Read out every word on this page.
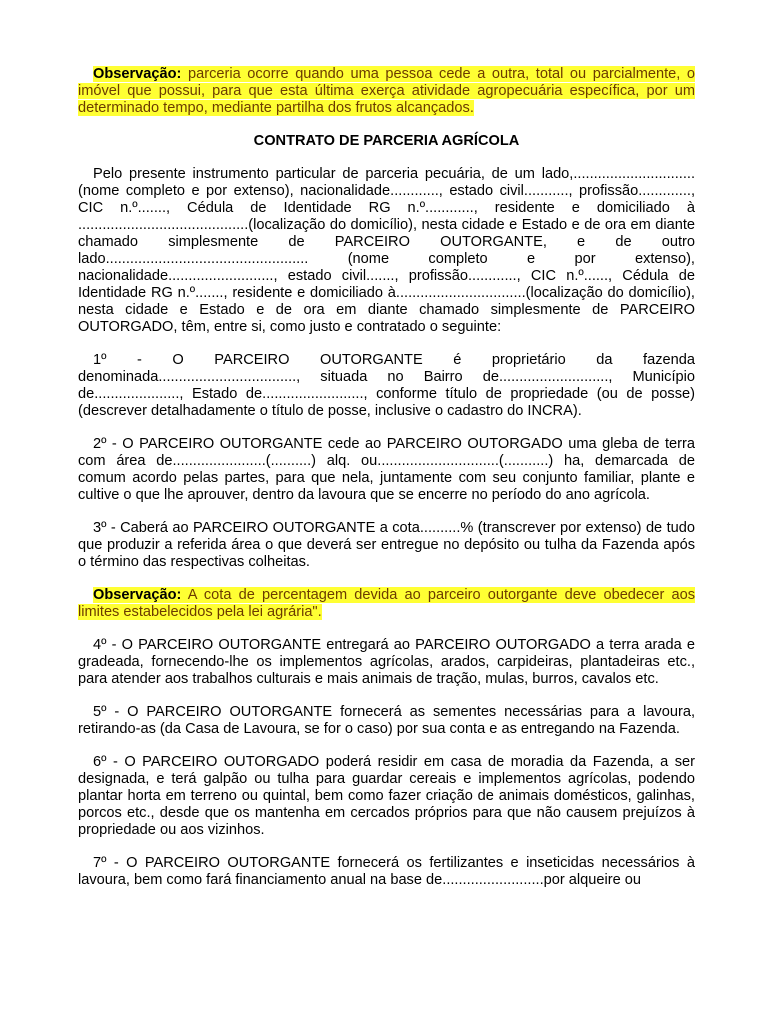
Observação: parceria ocorre quando uma pessoa cede a outra, total ou parcialmente, o imóvel que possui, para que esta última exerça atividade agropecuária específica, por um determinado tempo, mediante partilha dos frutos alcançados.

CONTRATO DE PARCERIA AGRÍCOLA

Pelo presente instrumento particular de parceria pecuária, de um lado,..............................(nome completo e por extenso), nacionalidade............, estado civil..........., profissão............., CIC n.º......., Cédula de Identidade RG n.º............, residente e domiciliado à ..........................................(localização do domicílio), nesta cidade e Estado e de ora em diante chamado simplesmente de PARCEIRO OUTORGANTE, e de outro lado.................................................. (nome completo e por extenso), nacionalidade.........................., estado civil......., profissão............, CIC n.º......, Cédula de Identidade RG n.º......., residente e domiciliado à................................(localização do domicílio), nesta cidade e Estado e de ora em diante chamado simplesmente de PARCEIRO OUTORGADO, têm, entre si, como justo e contratado o seguinte:

1º - O PARCEIRO OUTORGANTE é proprietário da fazenda denominada.................................., situada no Bairro de..........................., Município de....................., Estado de........................., conforme título de propriedade (ou de posse) (descrever detalhadamente o título de posse, inclusive o cadastro do INCRA).

2º - O PARCEIRO OUTORGANTE cede ao PARCEIRO OUTORGADO uma gleba de terra com área de.......................(..........) alq. ou..............................(...........) ha, demarcada de comum acordo pelas partes, para que nela, juntamente com seu conjunto familiar, plante e cultive o que lhe aprouver, dentro da lavoura que se encerre no período do ano agrícola.

3º - Caberá ao PARCEIRO OUTORGANTE a cota..........% (transcrever por extenso) de tudo que produzir a referida área o que deverá ser entregue no depósito ou tulha da Fazenda após o término das respectivas colheitas.

Observação: A cota de percentagem devida ao parceiro outorgante deve obedecer aos limites estabelecidos pela lei agrária".

4º - O PARCEIRO OUTORGANTE entregará ao PARCEIRO OUTORGADO a terra arada e gradeada, fornecendo-lhe os implementos agrícolas, arados, carpideiras, plantadeiras etc., para atender aos trabalhos culturais e mais animais de tração, mulas, burros, cavalos etc.

5º - O PARCEIRO OUTORGANTE fornecerá as sementes necessárias para a lavoura, retirando-as (da Casa de Lavoura, se for o caso) por sua conta e as entregando na Fazenda.

6º - O PARCEIRO OUTORGADO poderá residir em casa de moradia da Fazenda, a ser designada, e terá galpão ou tulha para guardar cereais e implementos agrícolas, podendo plantar horta em terreno ou quintal, bem como fazer criação de animais domésticos, galinhas, porcos etc., desde que os mantenha em cercados próprios para que não causem prejuízos à propriedade ou aos vizinhos.

7º - O PARCEIRO OUTORGANTE fornecerá os fertilizantes e inseticidas necessários à lavoura, bem como fará financiamento anual na base de.........................por alqueire ou
